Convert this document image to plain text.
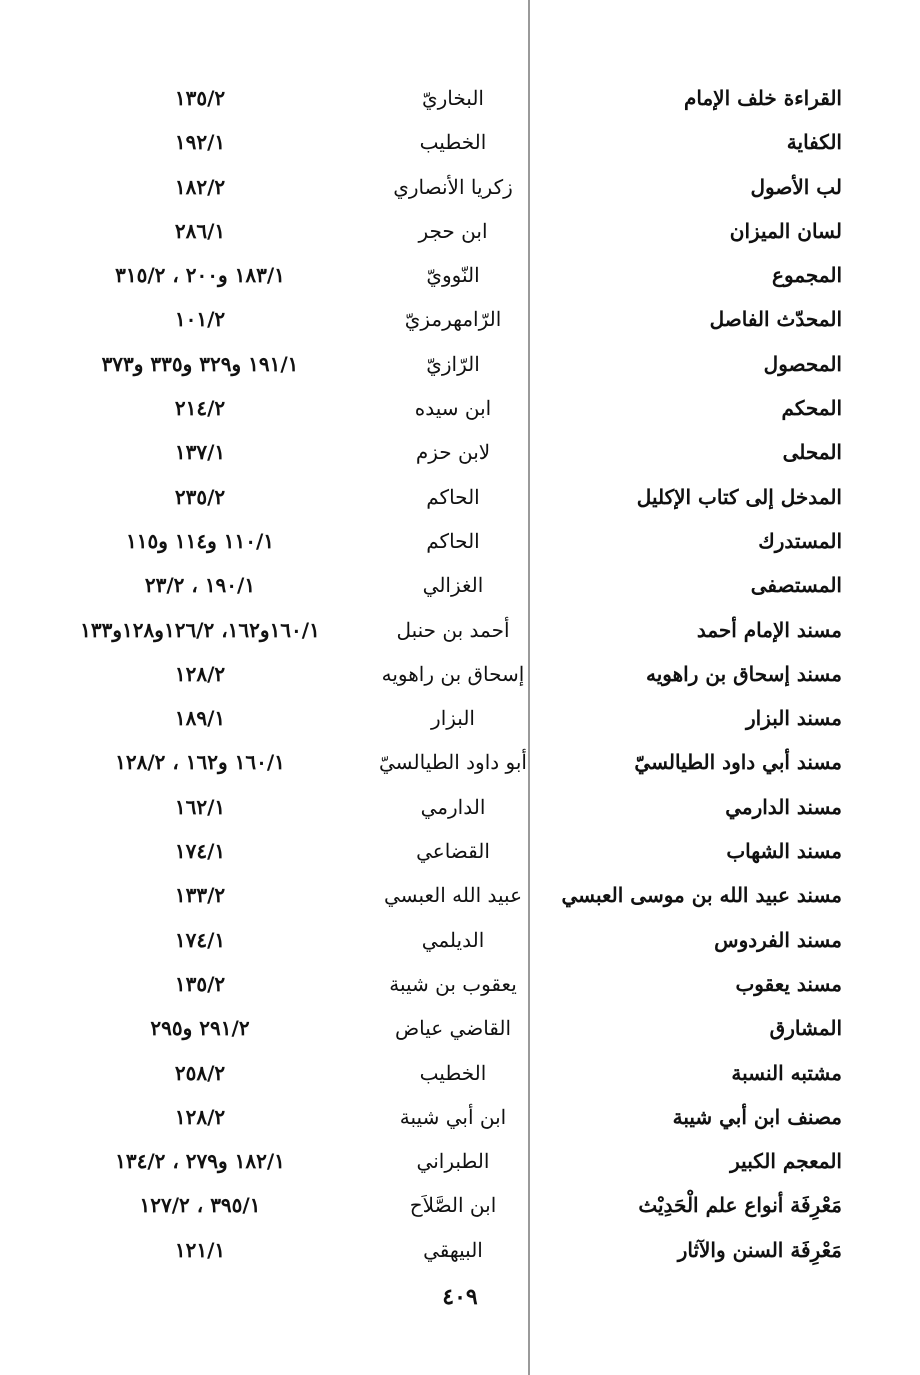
القراءة خلف الإمام
البخاريّ
١٣٥/٢
الكفاية
الخطيب
١٩٢/١
لب الأصول
زكريا الأنصاري
١٨٢/٢
لسان الميزان
ابن حجر
٢٨٦/١
المجموع
النّوويّ
١٨٣/١ و٢٠٠ ، ٣١٥/٢
المحدّث الفاصل
الرّامهرمزيّ
١٠١/٢
المحصول
الرّازيّ
١٩١/١ و٣٢٩ و٣٣٥ و٣٧٣
المحكم
ابن سيده
٢١٤/٢
المحلى
لابن حزم
١٣٧/١
المدخل إلى كتاب الإكليل
الحاكم
٢٣٥/٢
المستدرك
الحاكم
١١٠/١ و١١٤ و١١٥
المستصفى
الغزالي
١٩٠/١ ، ٢٣/٢
مسند الإمام أحمد
أحمد بن حنبل
١٦٠/١و١٦٢، ١٢٦/٢و١٢٨و١٣٣
مسند إسحاق بن راهويه
إسحاق بن راهويه
١٢٨/٢
مسند البزار
البزار
١٨٩/١
مسند أبي داود الطيالسيّ
أبو داود الطيالسيّ
١٦٠/١ و١٦٢ ، ١٢٨/٢
مسند الدارمي
الدارمي
١٦٢/١
مسند الشهاب
القضاعي
١٧٤/١
مسند عبيد الله بن موسى العبسي
عبيد الله العبسي
١٣٣/٢
مسند الفردوس
الديلمي
١٧٤/١
مسند يعقوب
يعقوب بن شيبة
١٣٥/٢
المشارق
القاضي عياض
٢٩١/٢ و٢٩٥
مشتبه النسبة
الخطيب
٢٥٨/٢
مصنف ابن أبي شيبة
ابن أبي شيبة
١٢٨/٢
المعجم الكبير
الطبراني
١٨٢/١ و٢٧٩ ، ١٣٤/٢
مَعْرِفَة أنواع علم الْحَدِيْث
ابن الصَّلاَح
٣٩٥/١ ، ١٢٧/٢
مَعْرِفَة السنن والآثار
البيهقي
١٢١/١
٤٠٩
